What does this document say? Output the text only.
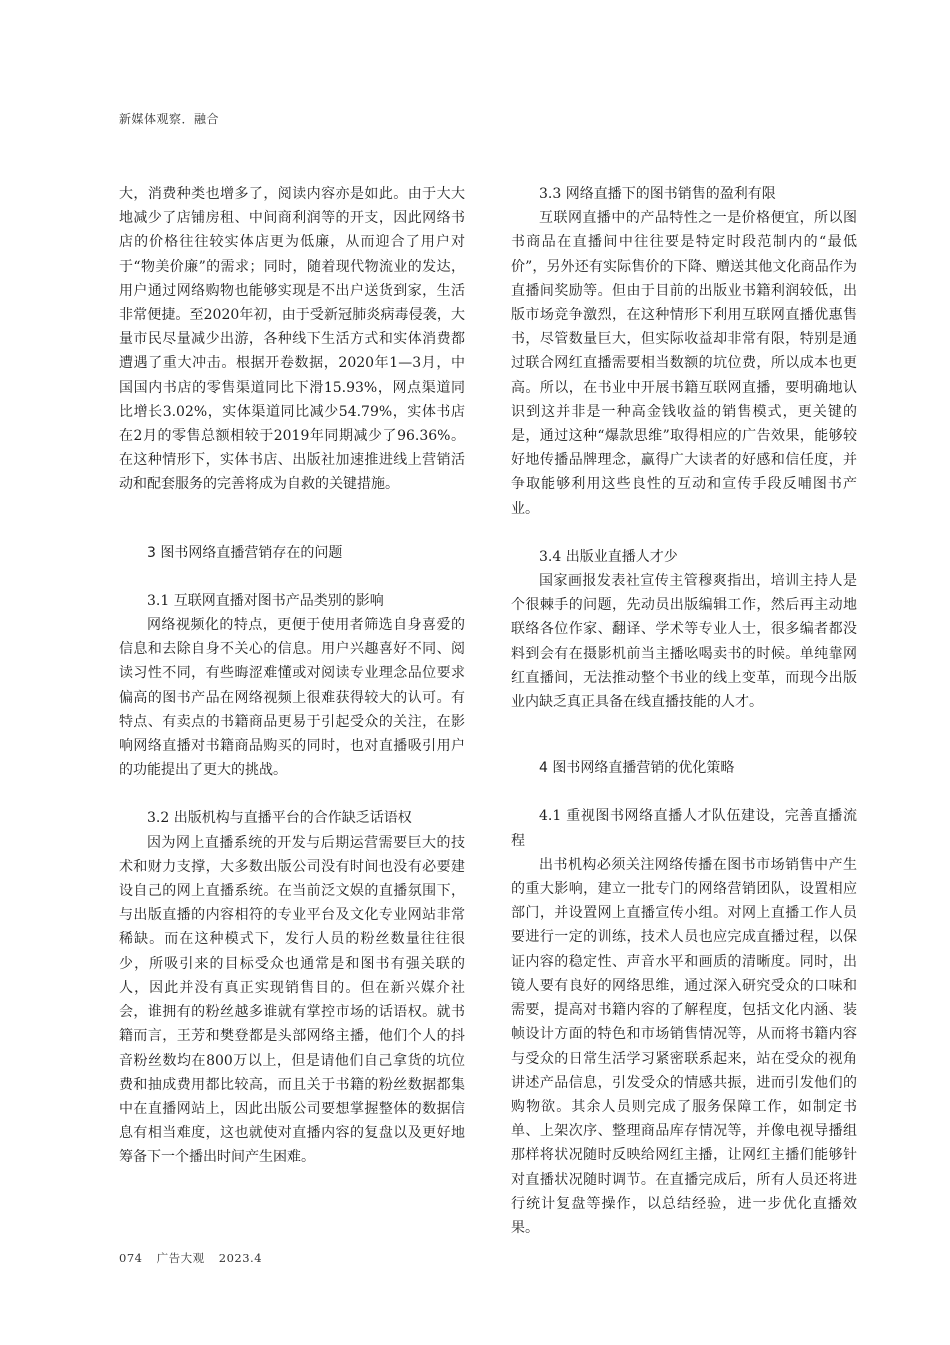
新媒体观察．融合

大，消费种类也增多了，阅读内容亦是如此。由于大大地减少了店铺房租、中间商利润等的开支，因此网络书店的价格往往较实体店更为低廉，从而迎合了用户对于“物美价廉”的需求；同时，随着现代物流业的发达，用户通过网络购物也能够实现是不出户送货到家，生活非常便捷。至2020年初，由于受新冠肺炎病毒侵袭，大量市民尽量减少出游，各种线下生活方式和实体消费都遭遇了重大冲击。根据开卷数据，2020年1—3月，中国国内书店的零售渠道同比下滑15.93%，网点渠道同比增长3.02%，实体渠道同比减少54.79%，实体书店在2月的零售总额相较于2019年同期减少了96.36%。在这种情形下，实体书店、出版社加速推进线上营销活动和配套服务的完善将成为自救的关键措施。

3 图书网络直播营销存在的问题
3.1 互联网直播对图书产品类别的影响

网络视频化的特点，更便于使用者筛选自身喜爱的信息和去除自身不关心的信息。用户兴趣喜好不同、阅读习性不同，有些晦涩难懂或对阅读专业理念品位要求偏高的图书产品在网络视频上很难获得较大的认可。有特点、有卖点的书籍商品更易于引起受众的关注，在影响网络直播对书籍商品购买的同时，也对直播吸引用户的功能提出了更大的挑战。

3.2 出版机构与直播平台的合作缺乏话语权

因为网上直播系统的开发与后期运营需要巨大的技术和财力支撑，大多数出版公司没有时间也没有必要建设自己的网上直播系统。在当前泛文娱的直播氛围下，与出版直播的内容相符的专业平台及文化专业网站非常稀缺。而在这种模式下，发行人员的粉丝数量往往很少，所吸引来的目标受众也通常是和图书有强关联的人，因此并没有真正实现销售目的。但在新兴媒介社会，谁拥有的粉丝越多谁就有掌控市场的话语权。就书籍而言，王芳和樊登都是头部网络主播，他们个人的抖音粉丝数均在800万以上，但是请他们自己拿货的坑位费和抽成费用都比较高，而且关于书籍的粉丝数据都集中在直播网站上，因此出版公司要想掌握整体的数据信息有相当难度，这也就使对直播内容的复盘以及更好地筹备下一个播出时间产生困难。

3.3 网络直播下的图书销售的盈利有限

互联网直播中的产品特性之一是价格便宜，所以图书商品在直播间中往往要是特定时段范制内的“最低价”，另外还有实际售价的下降、赠送其他文化商品作为直播间奖励等。但由于目前的出版业书籍利润较低，出版市场竞争激烈，在这种情形下利用互联网直播优惠售书，尽管数量巨大，但实际收益却非常有限，特别是通过联合网红直播需要相当数额的坑位费，所以成本也更高。所以，在书业中开展书籍互联网直播，要明确地认识到这并非是一种高金钱收益的销售模式，更关键的是，通过这种“爆款思维”取得相应的广告效果，能够较好地传播品牌理念，赢得广大读者的好感和信任度，并争取能够利用这些良性的互动和宣传手段反哺图书产业。

3.4 出版业直播人才少

国家画报发表社宣传主管穆爽指出，培训主持人是个很棘手的问题，先动员出版编辑工作，然后再主动地联络各位作家、翻译、学术等专业人士，很多编者都没料到会有在摄影机前当主播吆喝卖书的时候。单纯靠网红直播间，无法推动整个书业的线上变革，而现今出版业内缺乏真正具备在线直播技能的人才。

4 图书网络直播营销的优化策略

4.1 重视图书网络直播人才队伍建设，完善直播流程

出书机构必须关注网络传播在图书市场销售中产生的重大影响，建立一批专门的网络营销团队，设置相应部门，并设置网上直播宣传小组。对网上直播工作人员要进行一定的训练，技术人员也应完成直播过程，以保证内容的稳定性、声音水平和画质的清晰度。同时，出镜人要有良好的网络思维，通过深入研究受众的口味和需要，提高对书籍内容的了解程度，包括文化内涵、装帧设计方面的特色和市场销售情况等，从而将书籍内容与受众的日常生活学习紧密联系起来，站在受众的视角讲述产品信息，引发受众的情感共振，进而引发他们的购物欲。其余人员则完成了服务保障工作，如制定书单、上架次序、整理商品库存情况等，并像电视导播组那样将状况随时反映给网红主播，让网红主播们能够针对直播状况随时调节。在直播完成后，所有人员还将进行统计复盘等操作，以总结经验，进一步优化直播效果。

074 广告大观 2023.4
